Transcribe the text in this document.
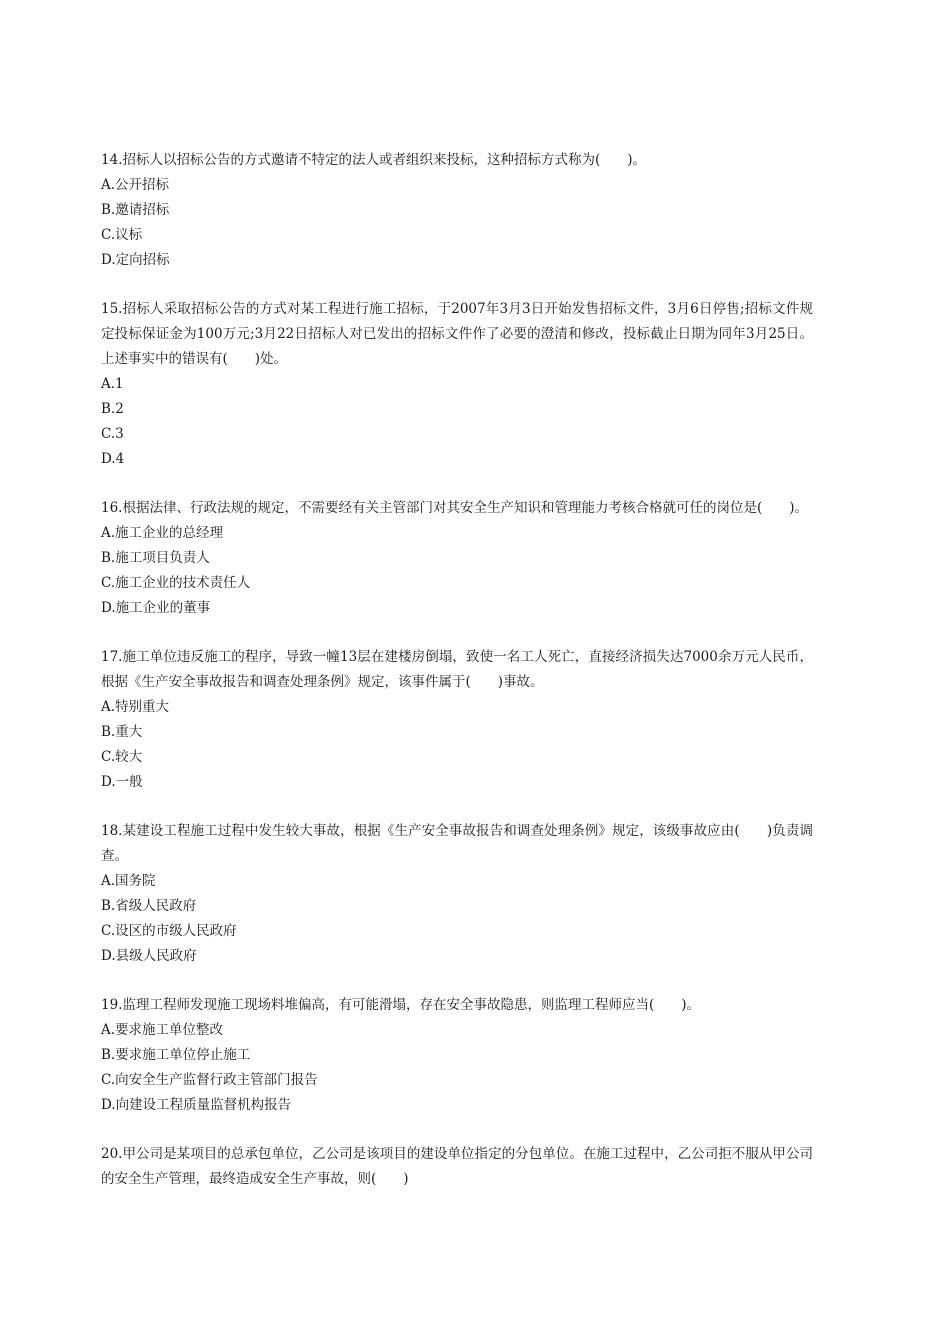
14.招标人以招标公告的方式邀请不特定的法人或者组织来投标，这种招标方式称为(　　)。

A.公开招标
B.邀请招标
C.议标
D.定向招标

15.招标人采取招标公告的方式对某工程进行施工招标，于2007年3月3日开始发售招标文件，3月6日停售;招标文件规定投标保证金为100万元;3月22日招标人对已发出的招标文件作了必要的澄清和修改，投标截止日期为同年3月25日。上述事实中的错误有(　　)处。

A.1
B.2
C.3
D.4

16.根据法律、行政法规的规定，不需要经有关主管部门对其安全生产知识和管理能力考核合格就可任的岗位是(　　)。

A.施工企业的总经理
B.施工项目负责人
C.施工企业的技术责任人
D.施工企业的董事

17.施工单位违反施工的程序，导致一幢13层在建楼房倒塌，致使一名工人死亡，直接经济损失达7000余万元人民币，根据《生产安全事故报告和调查处理条例》规定，该事件属于(　　)事故。

A.特别重大
B.重大
C.较大
D.一般

18.某建设工程施工过程中发生较大事故，根据《生产安全事故报告和调查处理条例》规定，该级事故应由(　　)负责调查。

A.国务院
B.省级人民政府
C.设区的市级人民政府
D.县级人民政府

19.监理工程师发现施工现场料堆偏高，有可能滑塌，存在安全事故隐患，则监理工程师应当(　　)。

A.要求施工单位整改
B.要求施工单位停止施工
C.向安全生产监督行政主管部门报告
D.向建设工程质量监督机构报告

20.甲公司是某项目的总承包单位，乙公司是该项目的建设单位指定的分包单位。在施工过程中，乙公司拒不服从甲公司的安全生产管理，最终造成安全生产事故，则(　　)
